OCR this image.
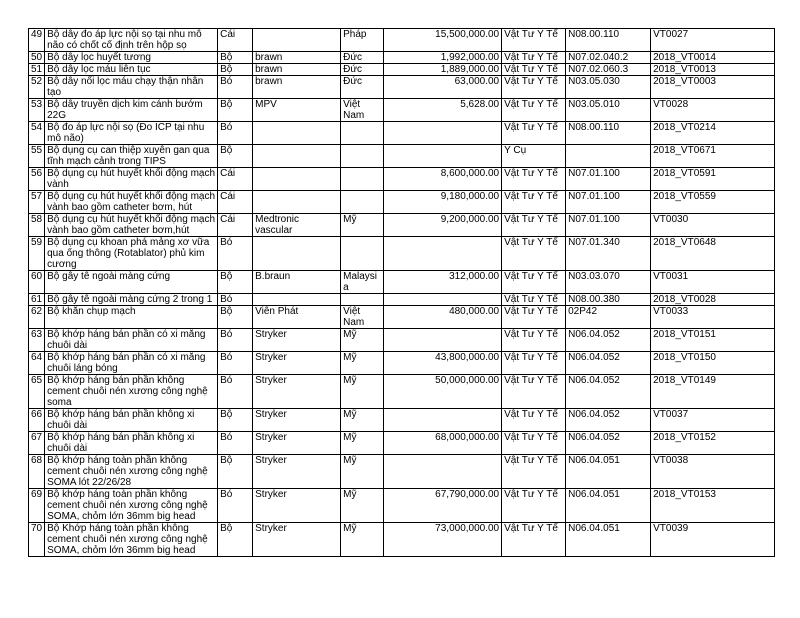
49	Bộ dây đo áp lực nội sọ tại nhu mô não có chốt cố định trên hộp sọ	Cái		Pháp	15,500,000.00	Vật Tư Y Tế	N08.00.110	VT0027
50	Bộ dây lọc huyết tương	Bộ	brawn	Đức	1,992,000.00	Vật Tư Y Tế	N07.02.040.2	2018_VT0014
51	Bộ dây lọc máu liên tục	Bộ	brawn	Đức	1,889,000.00	Vật Tư Y Tế	N07.02.060.3	2018_VT0013
52	Bộ dây nối lọc máu chạy thận nhân tạo	Bó	brawn	Đức	63,000.00	Vật Tư Y Tế	N03.05.030	2018_VT0003
53	Bộ dây truyền dịch kim cánh bướm 22G	Bộ	MPV	Việt Nam	5,628.00	Vật Tư Y Tế	N03.05.010	VT0028
54	Bộ đo áp lực nội sọ (Đo ICP tại nhu mô não)	Bó				Vật Tư Y Tế	N08.00.110	2018_VT0214
55	Bộ dụng cụ can thiệp xuyên gan qua tĩnh mạch cảnh trong TIPS	Bộ				Y Cụ		2018_VT0671
56	Bộ dụng cụ hút huyết khối động mạch vành	Cái			8,600,000.00	Vật Tư Y Tế	N07.01.100	2018_VT0591
57	Bộ dụng cụ hút huyết khối động mạch vành bao gồm catheter bơm, hút	Cái			9,180,000.00	Vật Tư Y Tế	N07.01.100	2018_VT0559
58	Bộ dụng cụ hút huyết khối động mạch vành bao gồm catheter bơm,hút	Cái	Medtronic vascular	Mỹ	9,200,000.00	Vật Tư Y Tế	N07.01.100	VT0030
59	Bộ dụng cụ khoan phá mảng xơ vữa qua ống thông (Rotablator) phủ kim cương	Bó				Vật Tư Y Tế	N07.01.340	2018_VT0648
60	Bộ gây tê ngoài màng cứng	Bộ	B.braun	Malaysi a	312,000.00	Vật Tư Y Tế	N03.03.070	VT0031
61	Bộ gây tê ngoài màng cứng 2 trong 1	Bó				Vật Tư Y Tế	N08.00.380	2018_VT0028
62	Bộ khăn chụp mạch	Bộ	Viên Phát	Việt Nam	480,000.00	Vật Tư Y Tế	02P42	VT0033
63	Bộ khớp háng bán phần có xi măng chuôi dài	Bó	Stryker	Mỹ		Vật Tư Y Tế	N06.04.052	2018_VT0151
64	Bộ khớp háng bán phần có xi măng chuôi láng bóng	Bó	Stryker	Mỹ	43,800,000.00	Vật Tư Y Tế	N06.04.052	2018_VT0150
65	Bộ khớp háng bán phần không cement chuôi nén xương công nghệ soma	Bó	Stryker	Mỹ	50,000,000.00	Vật Tư Y Tế	N06.04.052	2018_VT0149
66	Bộ khớp háng bán phần không xi chuôi dài	Bộ	Stryker	Mỹ		Vật Tư Y Tế	N06.04.052	VT0037
67	Bộ khớp háng bán phần không xi chuôi dài	Bó	Stryker	Mỹ	68,000,000.00	Vật Tư Y Tế	N06.04.052	2018_VT0152
68	Bộ khớp háng toàn phần không cement chuôi nén xương công nghệ SOMA lót 22/26/28	Bộ	Stryker	Mỹ		Vật Tư Y Tế	N06.04.051	VT0038
69	Bộ khớp háng toàn phần không cement chuôi nén xương công nghệ SOMA, chỏm lớn 36mm big head	Bó	Stryker	Mỹ	67,790,000.00	Vật Tư Y Tế	N06.04.051	2018_VT0153
70	Bộ Khớp háng toàn phần không cement chuôi nén xương công nghệ SOMA, chỏm lớn 36mm big head	Bộ	Stryker	Mỹ	73,000,000.00	Vật Tư Y Tế	N06.04.051	VT0039
